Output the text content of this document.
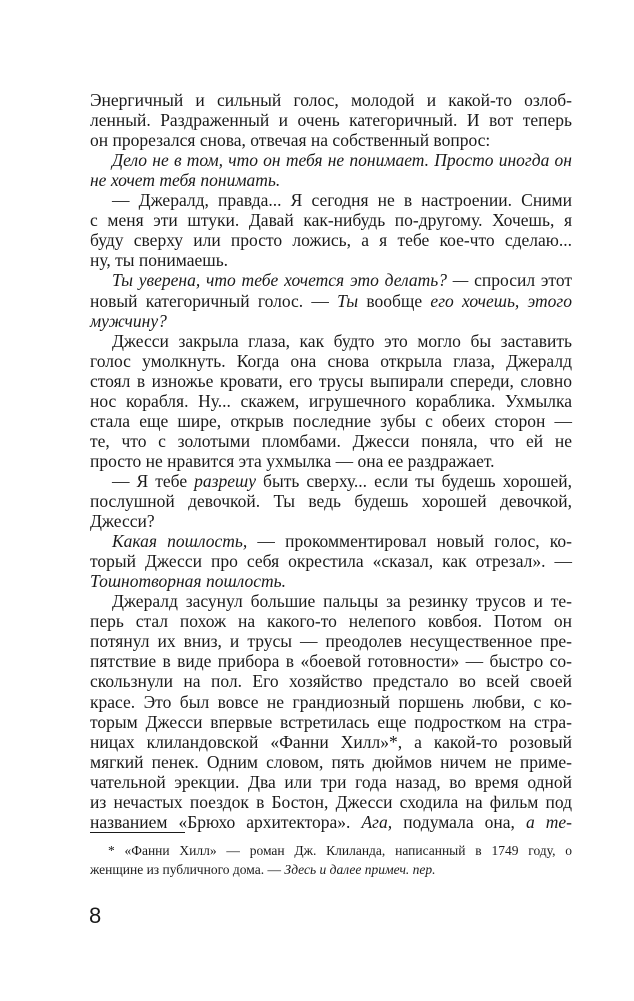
Энергичный и сильный голос, молодой и какой-то озлоб-
ленный. Раздраженный и очень категоричный. И вот теперь
он прорезался снова, отвечая на собственный вопрос:
Дело не в том, что он тебя не понимает. Просто иногда он
не хочет тебя понимать.
— Джералд, правда... Я сегодня не в настроении. Сними
с меня эти штуки. Давай как-нибудь по-другому. Хочешь, я
буду сверху или просто ложись, а я тебе кое-что сделаю...
ну, ты понимаешь.
Ты уверена, что тебе хочется это делать? — спросил этот
новый категоричный голос. — Ты вообще его хочешь, этого
мужчину?
Джесси закрыла глаза, как будто это могло бы заставить
голос умолкнуть. Когда она снова открыла глаза, Джералд
стоял в изножье кровати, его трусы выпирали спереди, словно
нос корабля. Ну... скажем, игрушечного кораблика. Ухмылка
стала еще шире, открыв последние зубы с обеих сторон —
те, что с золотыми пломбами. Джесси поняла, что ей не
просто не нравится эта ухмылка — она ее раздражает.
— Я тебе разрешу быть сверху... если ты будешь хорошей,
послушной девочкой. Ты ведь будешь хорошей девочкой,
Джесси?
Какая пошлость, — прокомментировал новый голос, ко-
торый Джесси про себя окрестила «сказал, как отрезал». —
Тошнотворная пошлость.
Джералд засунул большие пальцы за резинку трусов и те-
перь стал похож на какого-то нелепого ковбоя. Потом он
потянул их вниз, и трусы — преодолев несущественное пре-
пятствие в виде прибора в «боевой готовности» — быстро со-
скользнули на пол. Его хозяйство предстало во всей своей
красе. Это был вовсе не грандиозный поршень любви, с ко-
торым Джесси впервые встретилась еще подростком на стра-
ницах клиландовской «Фанни Хилл»*, а какой-то розовый
мягкий пенек. Одним словом, пять дюймов ничем не приме-
чательной эрекции. Два или три года назад, во время одной
из нечастых поездок в Бостон, Джесси сходила на фильм под
названием «Брюхо архитектора». Ага, подумала она, а те-
* «Фанни Хилл» — роман Дж. Клиланда, написанный в 1749 году, о
женщине из публичного дома. — Здесь и далее примеч. пер.
8
